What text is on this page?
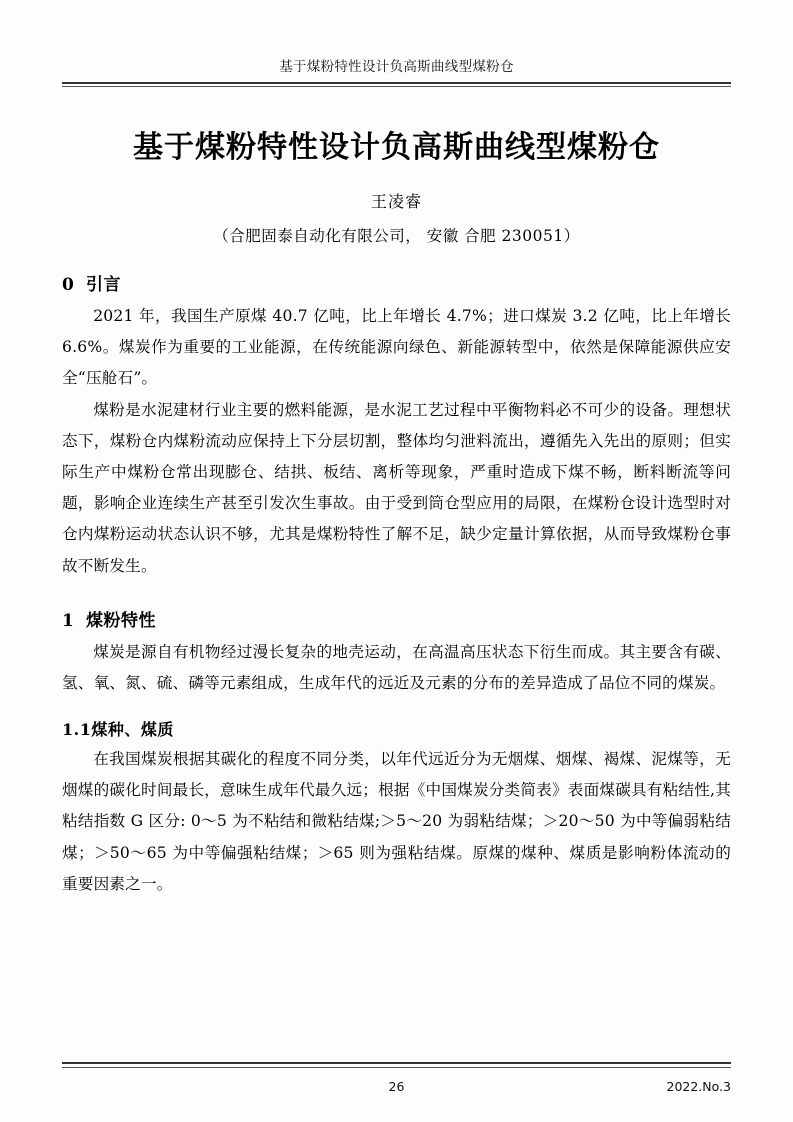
基于煤粉特性设计负高斯曲线型煤粉仓
基于煤粉特性设计负高斯曲线型煤粉仓
王凌睿
（合肥固泰自动化有限公司， 安徽 合肥 230051）
0 引言

2021 年，我国生产原煤 40.7 亿吨，比上年增长 4.7%；进口煤炭 3.2 亿吨，比上年增长 6.6%。煤炭作为重要的工业能源，在传统能源向绿色、新能源转型中，依然是保障能源供应安全“压舱石”。

煤粉是水泥建材行业主要的燃料能源，是水泥工艺过程中平衡物料必不可少的设备。理想状态下，煤粉仓内煤粉流动应保持上下分层切割，整体均匀泄料流出，遵循先入先出的原则；但实际生产中煤粉仓常出现膨仓、结拱、板结、离析等现象，严重时造成下煤不畅，断料断流等问题，影响企业连续生产甚至引发次生事故。由于受到筒仓型应用的局限，在煤粉仓设计选型时对仓内煤粉运动状态认识不够，尤其是煤粉特性了解不足，缺少定量计算依据，从而导致煤粉仓事故不断发生。

1 煤粉特性

煤炭是源自有机物经过漫长复杂的地壳运动，在高温高压状态下衍生而成。其主要含有碳、氢、氧、氮、硫、磷等元素组成，生成年代的远近及元素的分布的差异造成了品位不同的煤炭。

1.1煤种、煤质

在我国煤炭根据其碳化的程度不同分类，以年代远近分为无烟煤、烟煤、褐煤、泥煤等，无烟煤的碳化时间最长，意味生成年代最久远；根据《中国煤炭分类简表》表面煤碳具有粘结性,其粘结指数 G 区分: 0～5 为不粘结和微粘结煤;＞5～20 为弱粘结煤；＞20～50 为中等偏弱粘结煤；＞50～65 为中等偏强粘结煤；＞65 则为强粘结煤。原煤的煤种、煤质是影响粉体流动的重要因素之一。

26	2022.No.3
